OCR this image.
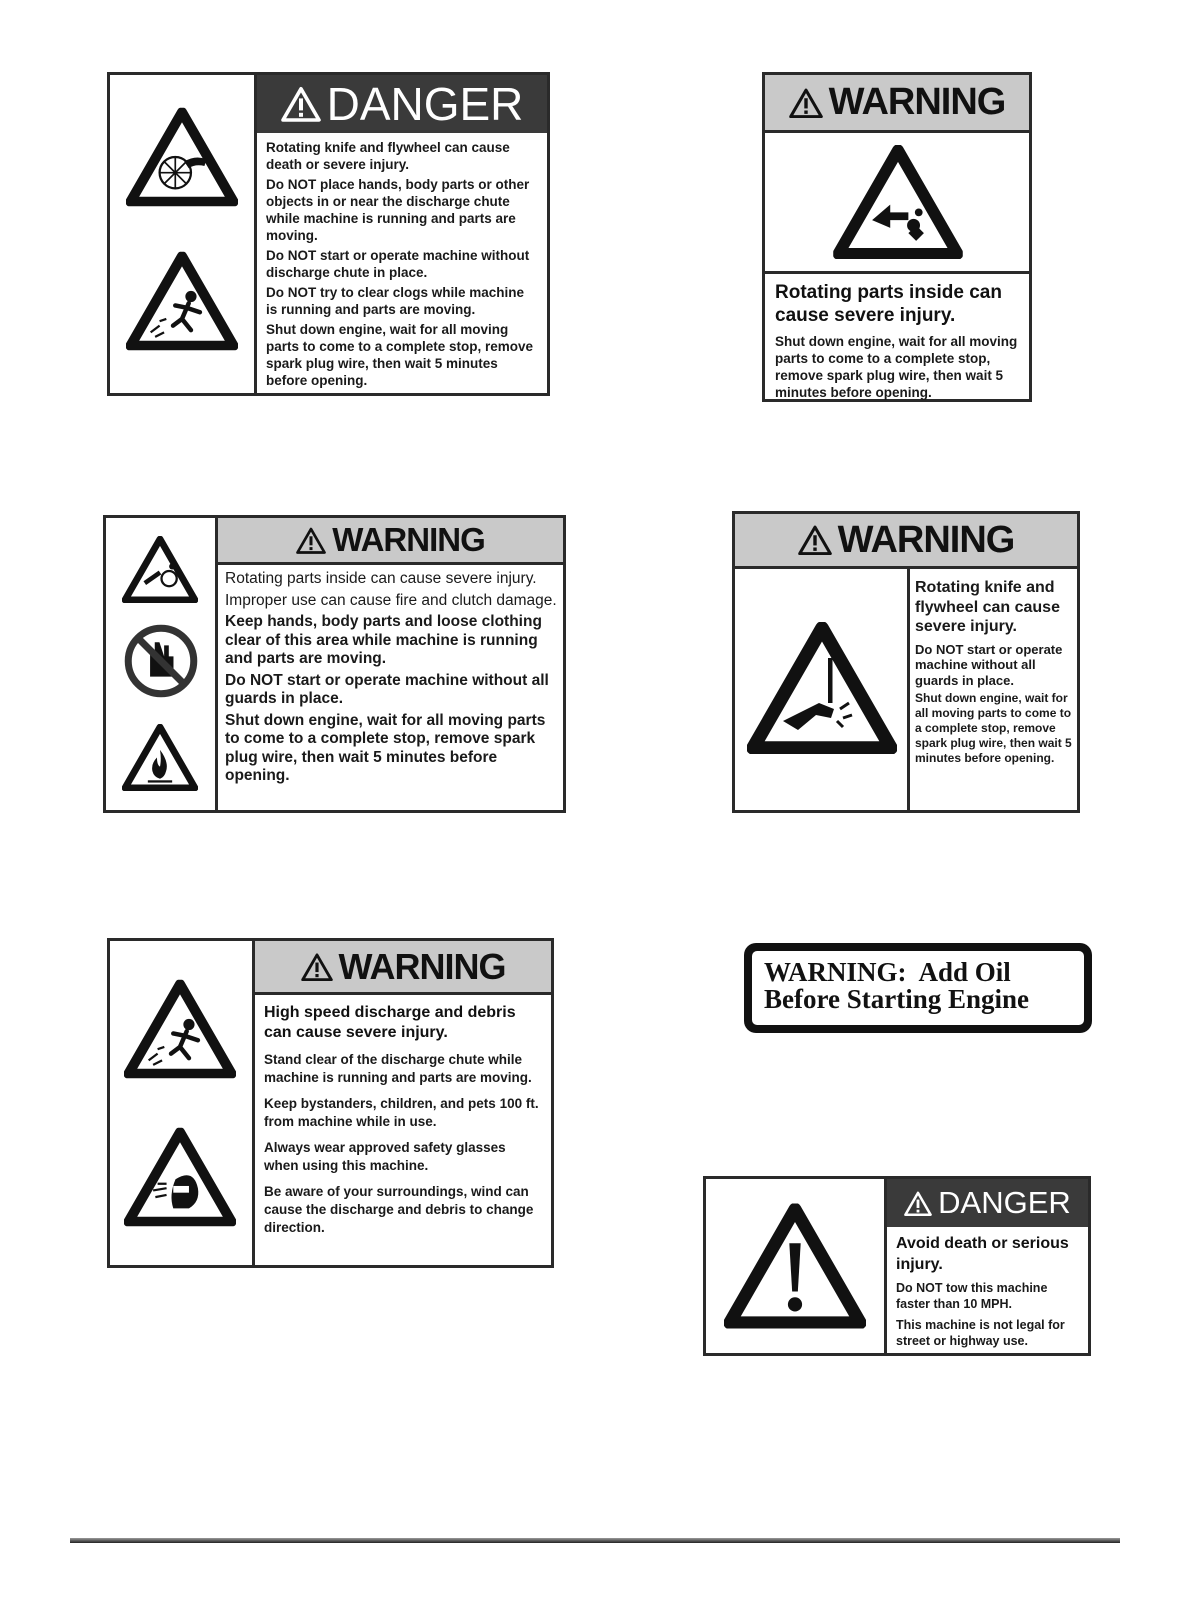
DANGER

Rotating knife and flywheel can cause death or severe injury.

Do NOT place hands, body parts or other objects in or near the discharge chute while machine is running and parts are moving.

Do NOT start or operate machine without discharge chute in place.

Do NOT try to clear clogs while machine is running and parts are moving.

Shut down engine, wait for all moving parts to come to a complete stop, remove spark plug wire, then wait 5 minutes before opening.

WARNING

Rotating parts inside can cause severe injury.

Shut down engine, wait for all moving parts to come to a complete stop, remove spark plug wire, then wait 5 minutes before opening.

WARNING

Rotating parts inside can cause severe injury.

Improper use can cause fire and clutch damage.

Keep hands, body parts and loose clothing clear of this area while machine is running and parts are moving.

Do NOT start or operate machine without all guards in place.

Shut down engine, wait for all moving parts to come to a complete stop, remove spark plug wire, then wait 5 minutes before opening.

WARNING

Rotating knife and flywheel can cause severe injury.

Do NOT start or operate machine without all guards in place.

Shut down engine, wait for all moving parts to come to a complete stop, remove spark plug wire, then wait 5 minutes before opening.

WARNING

High speed discharge and debris can cause severe injury.

Stand clear of the discharge chute while machine is running and parts are moving.

Keep bystanders, children, and pets 100 ft. from machine while in use.

Always wear approved safety glasses when using this machine.

Be aware of your surroundings, wind can cause the discharge and debris to change direction.

WARNING:  Add Oil
Before Starting Engine
DANGER

Avoid death or serious injury.

Do NOT tow this machine faster than 10 MPH.

This machine is not legal for street or highway use.
